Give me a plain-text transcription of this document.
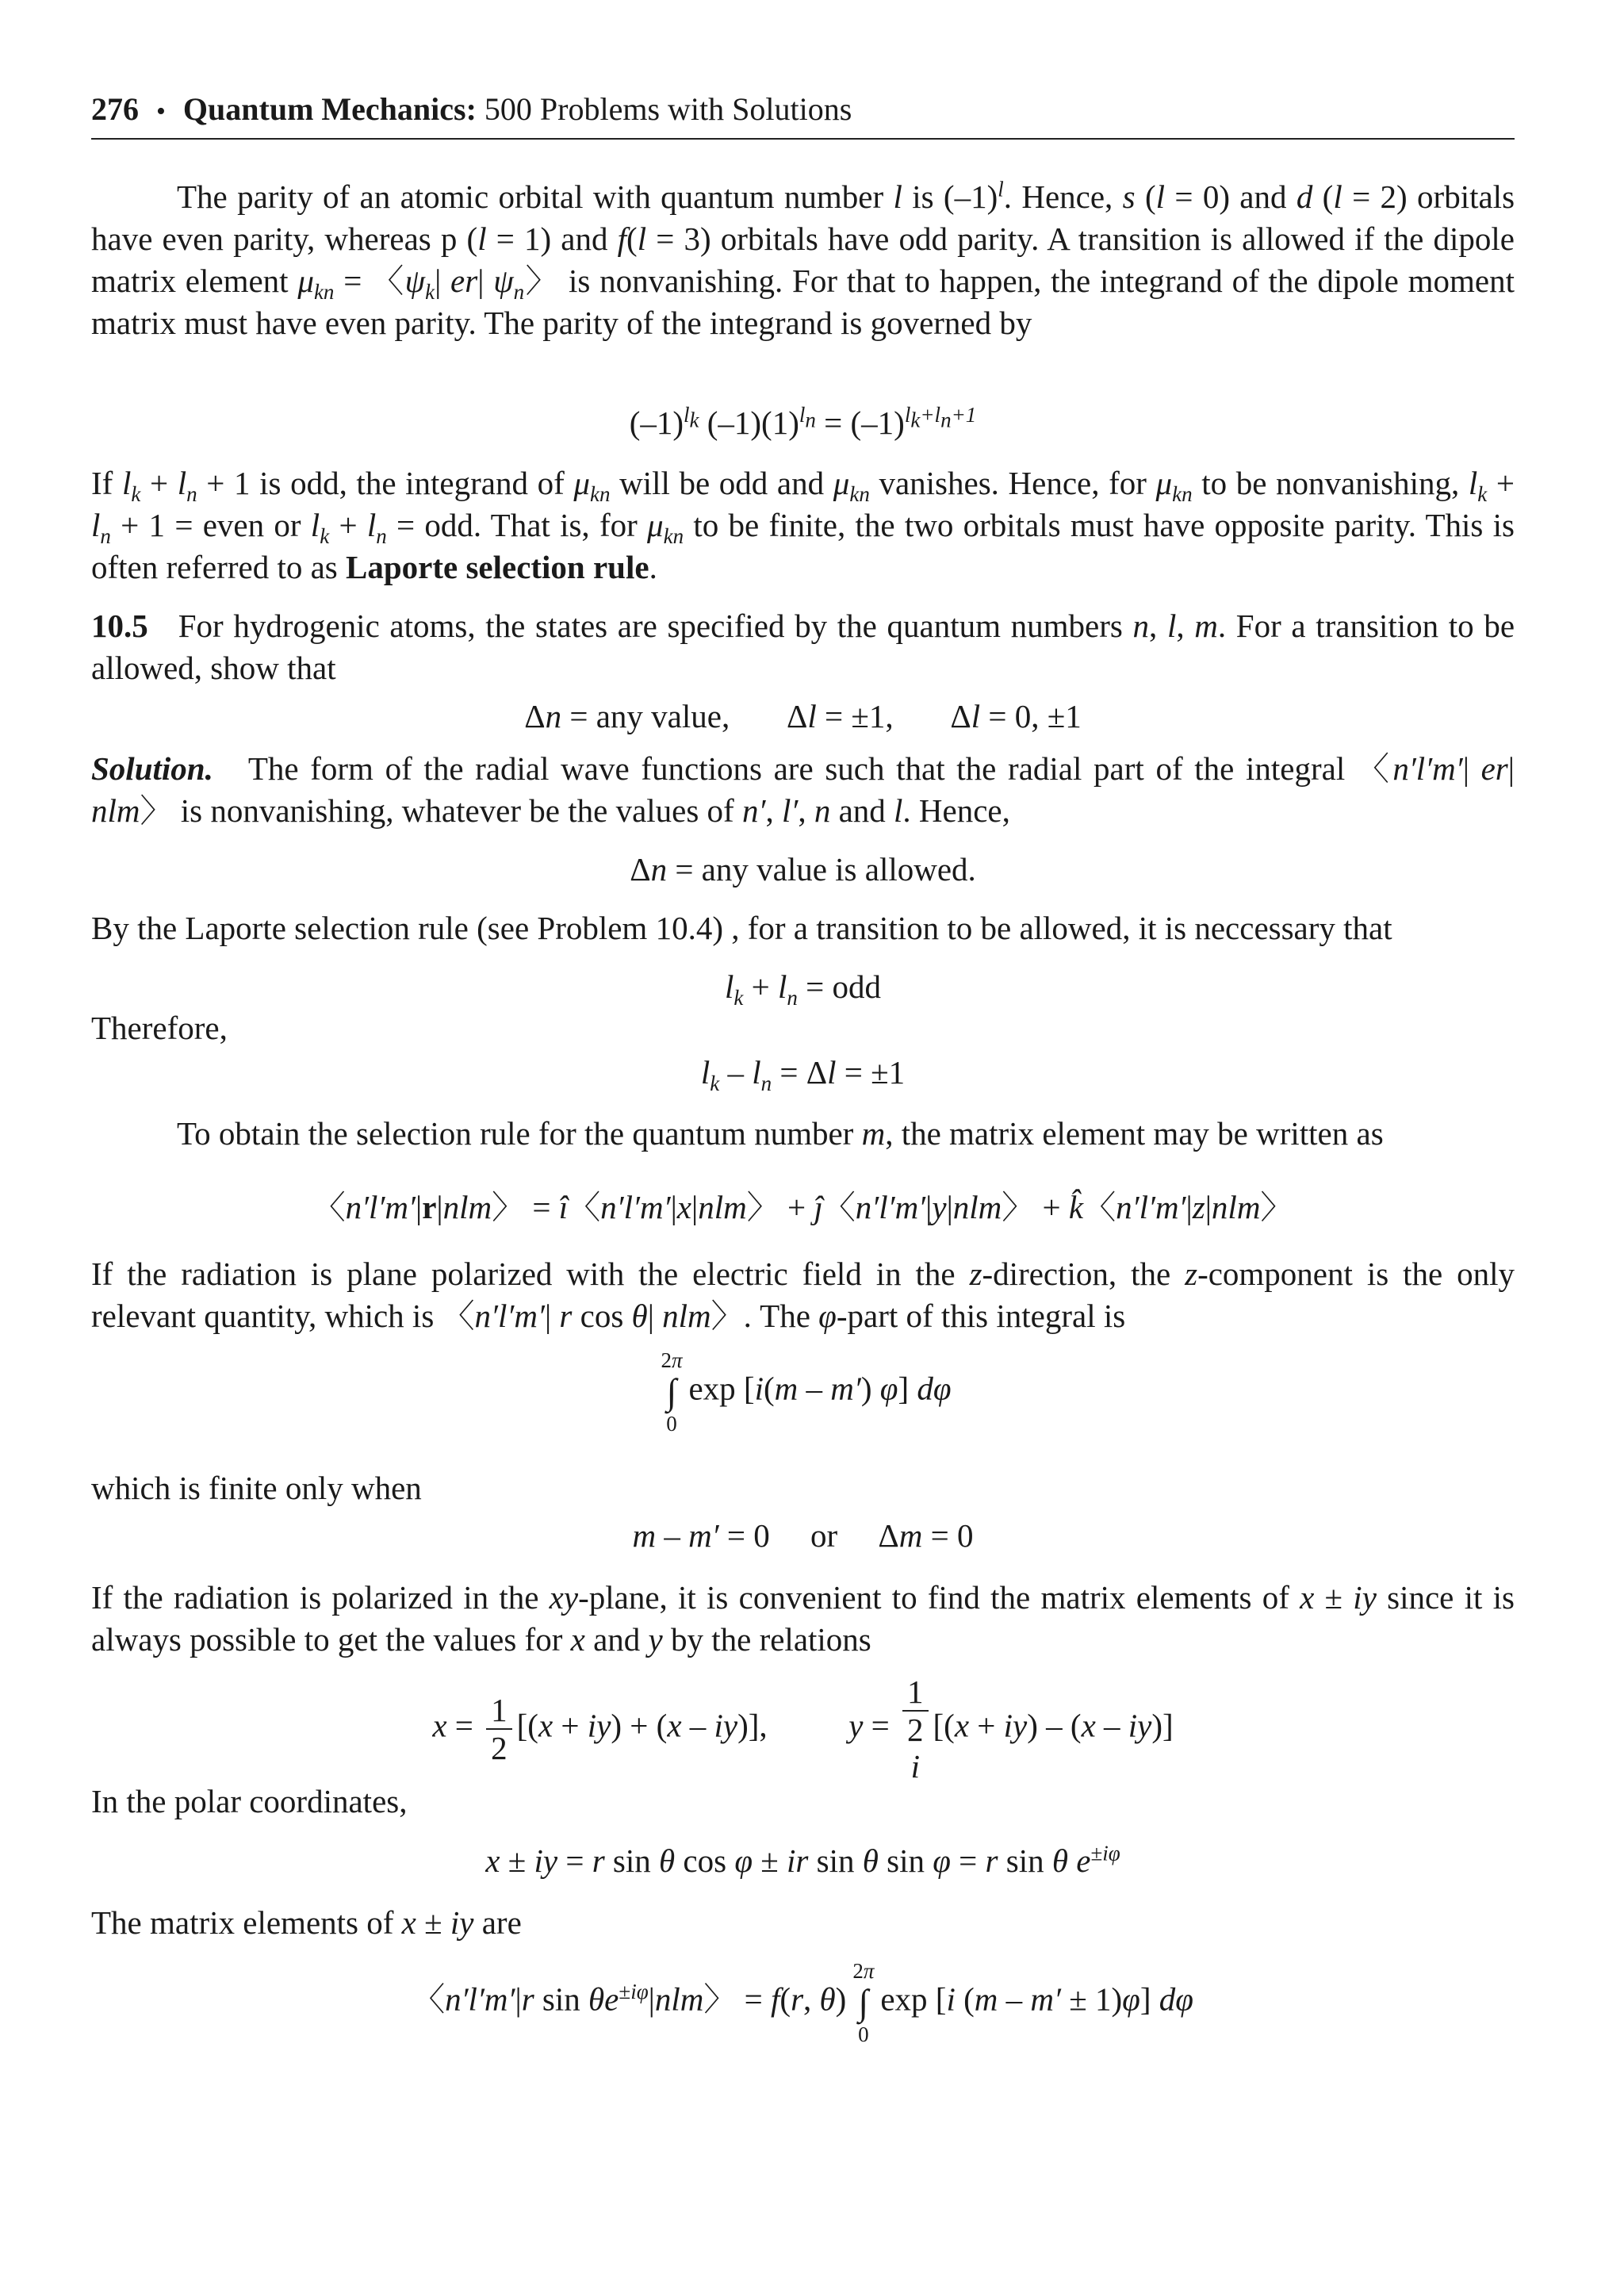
276 • Quantum Mechanics: 500 Problems with Solutions
The parity of an atomic orbital with quantum number l is $(-1)^l$. Hence, s (l = 0) and d (l = 2) orbitals have even parity, whereas p (l = 1) and f(l = 3) orbitals have odd parity. A transition is allowed if the dipole matrix element $\mu_{kn}$ = 〈$\psi_k|$ er| $\psi_n$〉 is nonvanishing. For that to happen, the integrand of the dipole moment matrix must have even parity. The parity of the integrand is governed by
$(-1)^{l_k}$ $(-1)(1)^{l_n} = (-1)^{l_k+l_n+1}$
If $l_k + l_n + 1$ is odd, the integrand of $\mu_{kn}$ will be odd and $\mu_{kn}$ vanishes. Hence, for $\mu_{kn}$ to be nonvanishing, $l_k + l_n + 1$ = even or $l_k + l_n$ = odd. That is, for $\mu_{kn}$ to be finite, the two orbitals must have opposite parity. This is often referred to as Laporte selection rule.
10.5   For hydrogenic atoms, the states are specified by the quantum numbers n, l, m. For a transition to be allowed, show that
Δn = any value,       Δl = ±1,       Δl = 0, ±1
Solution.   The form of the radial wave functions are such that the radial part of the integral 〈n′l′m′| er| nlm〉 is nonvanishing, whatever be the values of n′, l′, n and l. Hence,
Δn = any value is allowed.
By the Laporte selection rule (see Problem 10.4) , for a transition to be allowed, it is neccessary that
$l_k + l_n$ = odd
Therefore,
$l_k - l_n = \Delta l = \pm 1$
To obtain the selection rule for the quantum number m, the matrix element may be written as
〈n′l′m′|r|nlm〉 = î〈n′l′m′|x|nlm〉 + ĵ〈n′l′m′|y|nlm〉 + k̂〈n′l′m′|z|nlm〉
If the radiation is plane polarized with the electric field in the z-direction, the z-component is the only relevant quantity, which is 〈n′l′m′| r cos θ| nlm〉. The φ-part of this integral is
2π
∫
0exp [i(m – m′) φ] dφ
which is finite only when
m – m′ = 0     or     Δm = 0
If the radiation is polarized in the xy-plane, it is convenient to find the matrix elements of x ± iy since it is always possible to get the values for x and y by the relations
$x = \frac{1}{2} [(x + iy) + (x - iy)]$,          y = 1
2
i [(x + iy) – (x – iy)]
In the polar coordinates,
x ± iy = r sin θ cos φ ± ir sin θ sin φ = r sin θ $e^{\pm i\varphi}$
The matrix elements of x ± iy are
〈n′l′m′|r $\sin \theta e^{\pm i\varphi}|nlm$〉 = f(r, θ)2π
∫
0exp [i (m – m′ ± 1)φ] dφ
